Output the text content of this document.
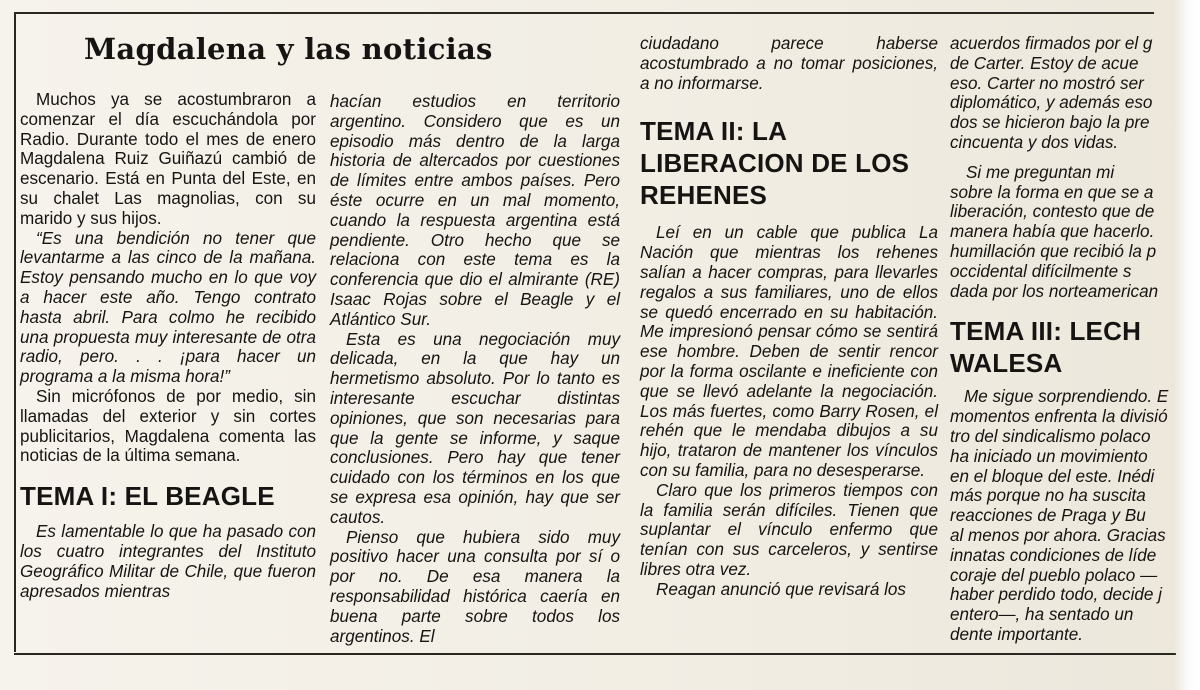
Magdalena y las noticias

Muchos ya se acostumbraron a comenzar el día escuchándola por Radio. Durante todo el mes de enero Magdalena Ruiz Guiñazú cambió de escenario. Está en Punta del Este, en su chalet Las magnolias, con su marido y sus hijos.

“Es una bendición no tener que levantarme a las cinco de la mañana. Estoy pensando mucho en lo que voy a hacer este año. Tengo contrato hasta abril. Para colmo he recibido una propuesta muy interesante de otra radio, pero. . . ¡para hacer un programa a la misma hora!”

Sin micrófonos de por medio, sin llamadas del exterior y sin cortes publicitarios, Magdalena comenta las noticias de la última semana.

TEMA I: EL BEAGLE

Es lamentable lo que ha pasado con los cuatro integrantes del Instituto Geográfico Militar de Chile, que fueron apresados mientras

hacían estudios en territorio argentino. Considero que es un episodio más dentro de la larga historia de altercados por cuestiones de límites entre ambos países. Pero éste ocurre en un mal momento, cuando la respuesta argentina está pendiente. Otro hecho que se relaciona con este tema es la conferencia que dio el almirante (RE) Isaac Rojas sobre el Beagle y el Atlántico Sur.

Esta es una negociación muy delicada, en la que hay un hermetismo absoluto. Por lo tanto es interesante escuchar distintas opiniones, que son necesarias para que la gente se informe, y saque conclusiones. Pero hay que tener cuidado con los términos en los que se expresa esa opinión, hay que ser cautos.

Pienso que hubiera sido muy positivo hacer una consulta por sí o por no. De esa manera la responsabilidad histórica caería en buena parte sobre todos los argentinos. El

ciudadano parece haberse acostumbrado a no tomar posiciones, a no informarse.

TEMA II: LA LIBERACION DE LOS REHENES

Leí en un cable que publica La Nación que mientras los rehenes salían a hacer compras, para llevarles regalos a sus familiares, uno de ellos se quedó encerrado en su habitación. Me impresionó pensar cómo se sentirá ese hombre. Deben de sentir rencor por la forma oscilante e ineficiente con que se llevó adelante la negociación. Los más fuertes, como Barry Rosen, el rehén que le mendaba dibujos a su hijo, trataron de mantener los vínculos con su familia, para no desesperarse.

Claro que los primeros tiempos con la familia serán difíciles. Tienen que suplantar el vínculo enfermo que tenían con sus carceleros, y sentirse libres otra vez.

Reagan anunció que revisará los

acuerdos firmados por el g
de Carter. Estoy de acue
eso. Carter no mostró ser
diplomático, y además eso
dos se hicieron bajo la pre
cincuenta y dos vidas.
Si me preguntan mi
sobre la forma en que se a
liberación, contesto que de
manera había que hacerlo.
humillación que recibió la p
occidental difícilmente s
dada por los norteamerican
TEMA III: LECH WALESA
Me sigue sorprendiendo. E
momentos enfrenta la divisió
tro del sindicalismo polaco
ha iniciado un movimiento
en el bloque del este. Inédi
más porque no ha suscita
reacciones de Praga y Bu
al menos por ahora. Gracias
innatas condiciones de líde
coraje del pueblo polaco —
haber perdido todo, decide j
entero—, ha sentado un
dente importante.
